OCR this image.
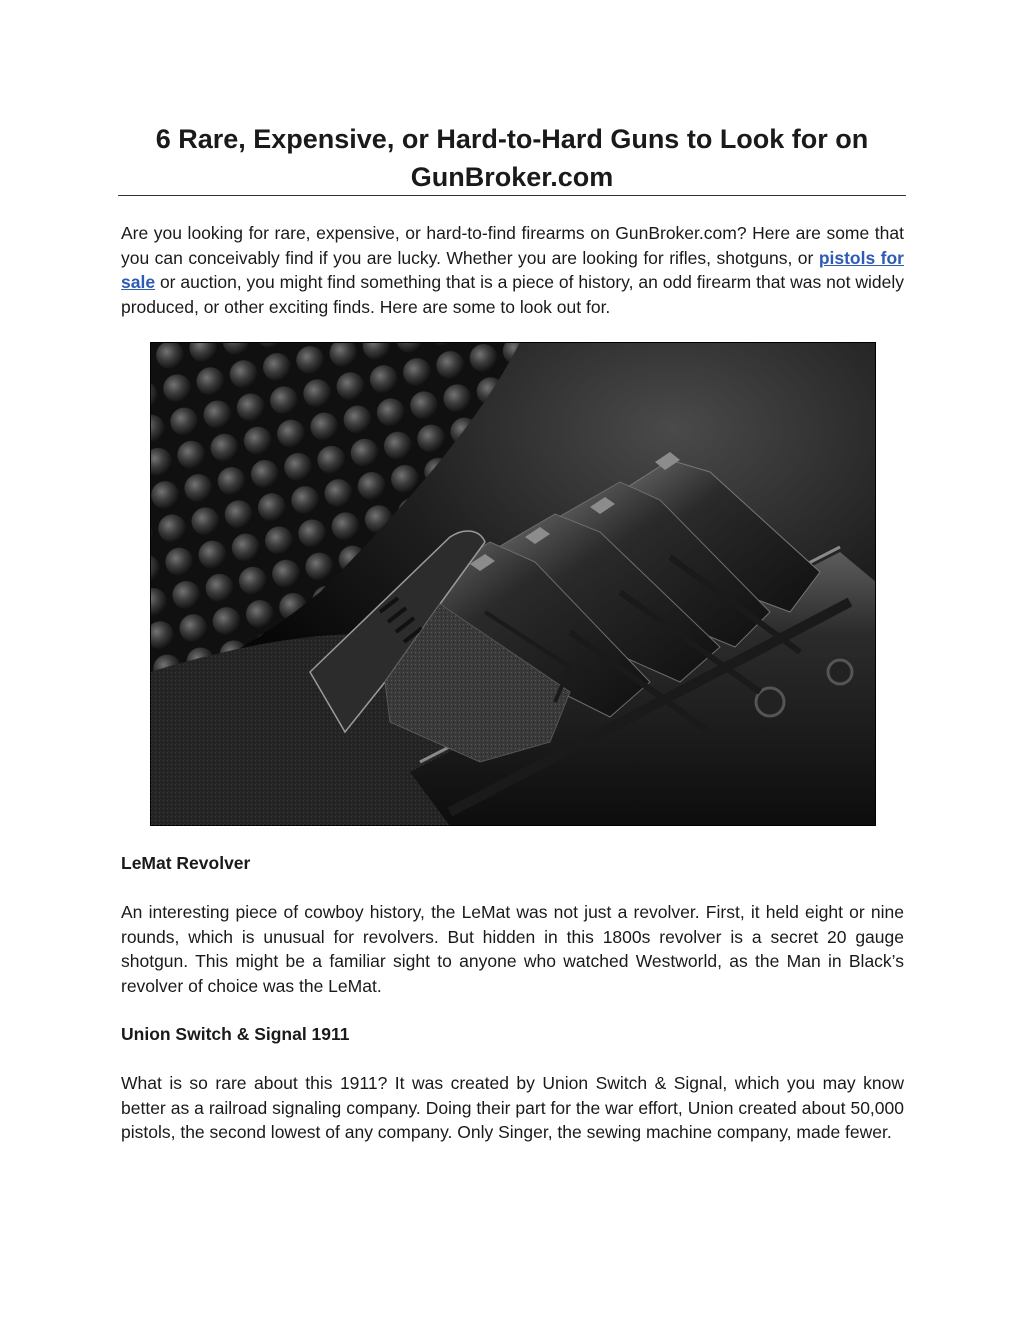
6 Rare, Expensive, or Hard-to-Hard Guns to Look for on GunBroker.com

Are you looking for rare, expensive, or hard-to-find firearms on GunBroker.com? Here are some that you can conceivably find if you are lucky. Whether you are looking for rifles, shotguns, or pistols for sale or auction, you might find something that is a piece of history, an odd firearm that was not widely produced, or other exciting finds. Here are some to look out for.

LeMat Revolver

An interesting piece of cowboy history, the LeMat was not just a revolver. First, it held eight or nine rounds, which is unusual for revolvers. But hidden in this 1800s revolver is a secret 20 gauge shotgun. This might be a familiar sight to anyone who watched Westworld, as the Man in Black’s revolver of choice was the LeMat.

Union Switch & Signal 1911

What is so rare about this 1911? It was created by Union Switch & Signal, which you may know better as a railroad signaling company. Doing their part for the war effort, Union created about 50,000 pistols, the second lowest of any company. Only Singer, the sewing machine company, made fewer.
